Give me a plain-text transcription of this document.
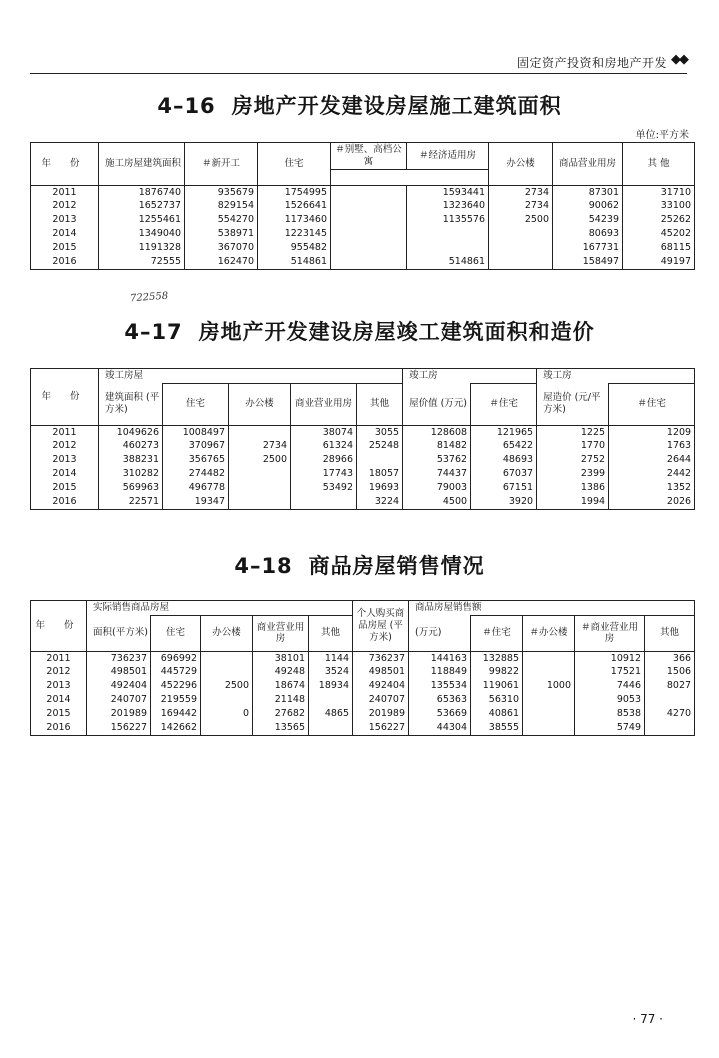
固定资产投资和房地产开发 ◆◆
4–16 房地产开发建设房屋施工建筑面积
单位:平方米
年 份	施工房屋建筑面积	＃新开工	住宅	＃别墅、高档公寓	＃经济适用房	办公楼	商品营业用房	其 他

2011	1876740	935679	1754995		1593441	2734	87301	31710
2012	1652737	829154	1526641		1323640	2734	90062	33100
2013	1255461	554270	1173460		1135576	2500	54239	25262
2014	1349040	538971	1223145				80693	45202
2015	1191328	367070	955482				167731	68115
2016	72555	162470	514861		514861		158497	49197
722558
4–17 房地产开发建设房屋竣工建筑面积和造价
年 份	竣工房屋					竣工房		竣工房	
	建筑面积 (平方米)	住宅	办公楼	商业营业用房	其他	屋价值 (万元)	＃住宅	屋造价 (元/平方米)	＃住宅
2011	1049626	1008497		38074	3055	128608	121965	1225	1209
2012	460273	370967	2734	61324	25248	81482	65422	1770	1763
2013	388231	356765	2500	28966		53762	48693	2752	2644
2014	310282	274482		17743	18057	74437	67037	2399	2442
2015	569963	496778		53492	19693	79003	67151	1386	1352
2016	22571	19347			3224	4500	3920	1994	2026
4–18 商品房屋销售情况
年 份	实际销售商品房屋					个人购买商品房屋 (平方米)	商品房屋销售额				
	面积(平方米)	住宅	办公楼	商业营业用房	其他		(万元)	＃住宅	＃办公楼	＃商业营业用房	其他
2011	736237	696992		38101	1144	736237	144163	132885		10912	366
2012	498501	445729		49248	3524	498501	118849	99822		17521	1506
2013	492404	452296	2500	18674	18934	492404	135534	119061	1000	7446	8027
2014	240707	219559		21148		240707	65363	56310		9053	
2015	201989	169442	0	27682	4865	201989	53669	40861		8538	4270
2016	156227	142662		13565		156227	44304	38555		5749	
· 77 ·
